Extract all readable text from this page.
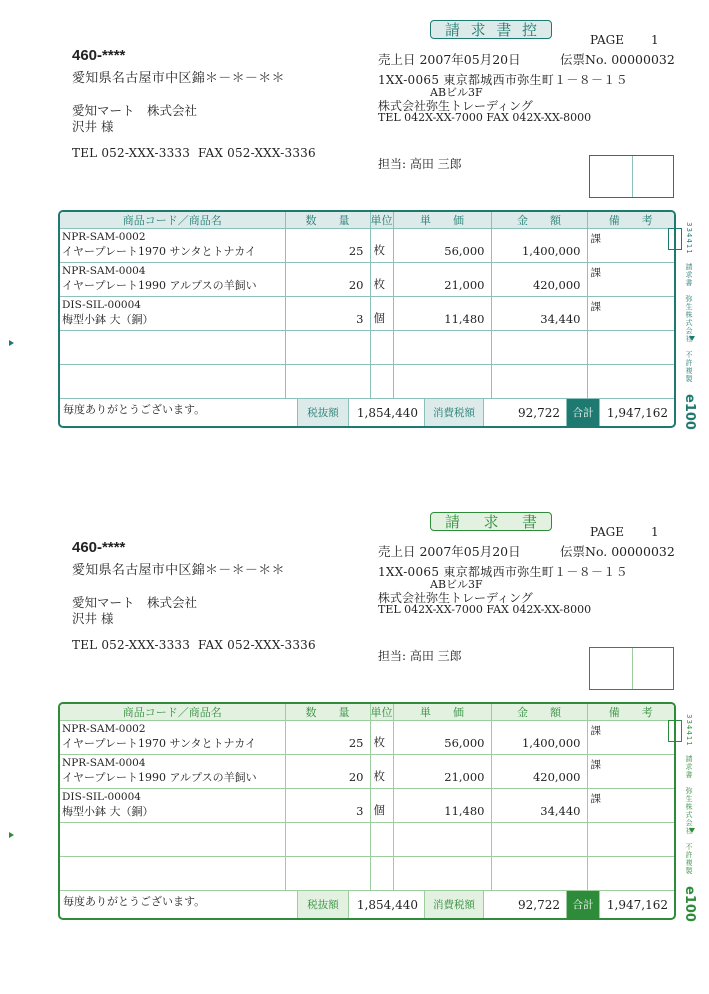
460-****
愛知県名古屋市中区錦＊－＊－＊＊
愛知マート　株式会社
沢井 様
TEL 052-XXX-3333 FAX 052-XXX-3336
請 求 書 控
PAGE 1
売上日 2007年05月20日	伝票No. 00000032
1XX-0065 東京都城西市弥生町１－８－１５
ABビル3F
株式会社弥生トレーディング
TEL 042X-XX-7000 FAX 042X-XX-8000
担当: 高田 三郎
商品コード／商品名	数　　量	単位	単　　価	金　　額	備　　考

NPR-SAM-0002
イヤープレート1970 サンタとトナカイ	25	枚	56,000	1,400,000	課

NPR-SAM-0004
イヤープレート1990 アルプスの羊飼い	20	枚	21,000	420,000	課

DIS-SIL-00004
梅型小鉢 大（銅）	3	個	11,480	34,440	課

毎度ありがとうございます。	税抜額	1,854,440	消費税額	92,722	合計	1,947,162
334411　請求書　弥生株式会社　不許複製 e100
460-****
愛知県名古屋市中区錦＊－＊－＊＊
愛知マート　株式会社
沢井 様
TEL 052-XXX-3333 FAX 052-XXX-3336
請 求 書
PAGE 1
売上日 2007年05月20日	伝票No. 00000032
1XX-0065 東京都城西市弥生町１－８－１５
ABビル3F
株式会社弥生トレーディング
TEL 042X-XX-7000 FAX 042X-XX-8000
担当: 高田 三郎
商品コード／商品名	数　　量	単位	単　　価	金　　額	備　　考

NPR-SAM-0002
イヤープレート1970 サンタとトナカイ	25	枚	56,000	1,400,000	課

NPR-SAM-0004
イヤープレート1990 アルプスの羊飼い	20	枚	21,000	420,000	課

DIS-SIL-00004
梅型小鉢 大（銅）	3	個	11,480	34,440	課

毎度ありがとうございます。	税抜額	1,854,440	消費税額	92,722	合計	1,947,162
334411　請求書　弥生株式会社　不許複製 e100
